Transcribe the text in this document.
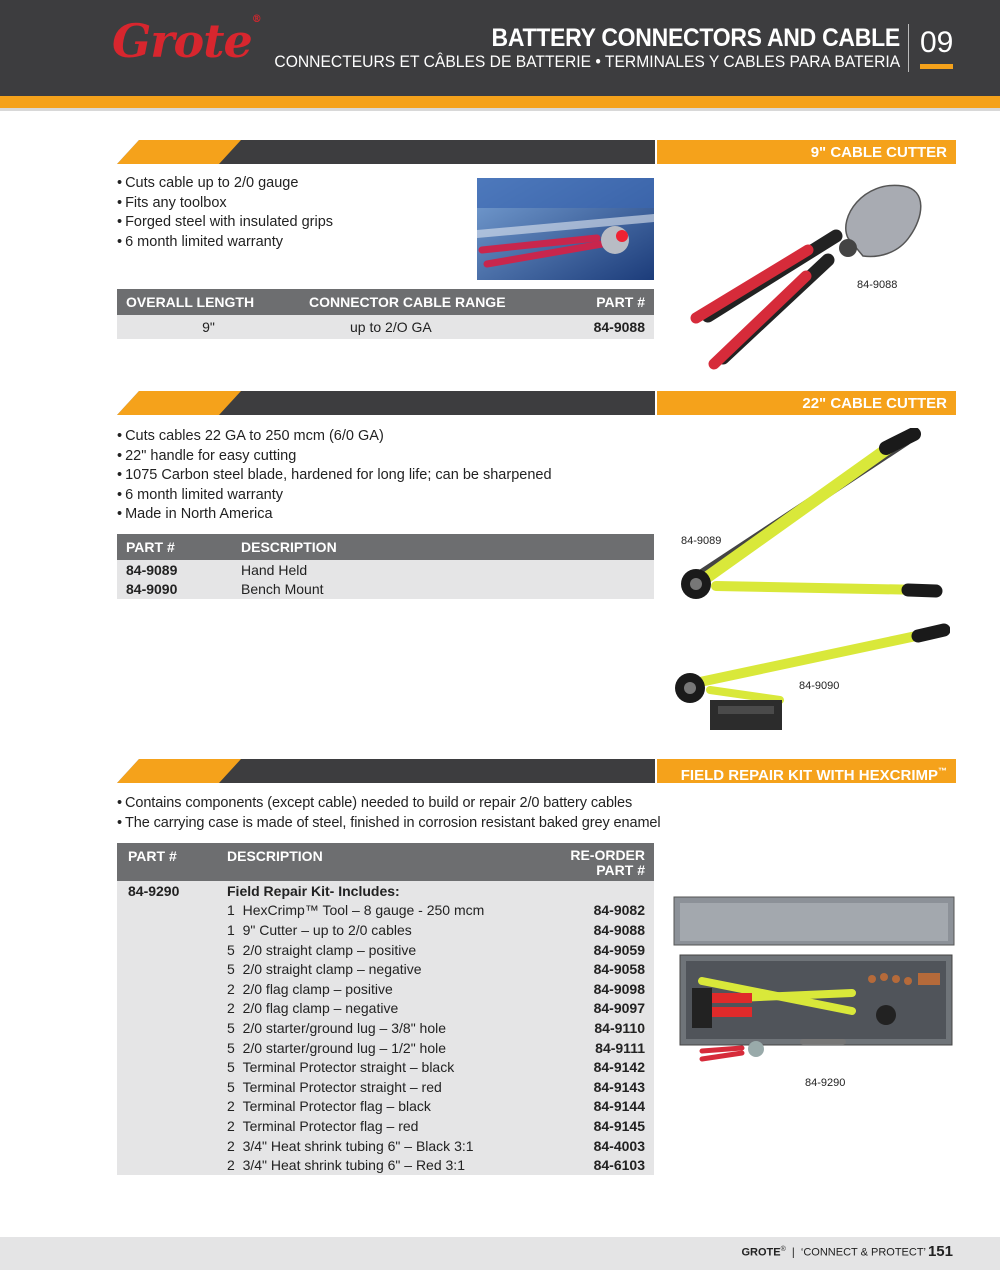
Grote®
BATTERY CONNECTORS AND CABLE
CONNECTEURS ET CÂBLES DE BATTERIE • TERMINALES Y CABLES PARA BATERIA
09
9" CABLE CUTTER
• Cuts cable up to 2/0 gauge
• Fits any toolbox
• Forged steel with insulated grips
• 6 month limited warranty
OVERALL LENGTH	CONNECTOR CABLE RANGE	PART #
9"	up to 2/O GA	84-9088
84-9088
22" CABLE CUTTER
• Cuts cables 22 GA to 250 mcm (6/0 GA)
• 22" handle for easy cutting
• 1075 Carbon steel blade, hardened for long life; can be sharpened
• 6 month limited warranty
• Made in North America
PART #	DESCRIPTION
84-9089	Hand Held
84-9090	Bench Mount
84-9089
84-9090
FIELD REPAIR KIT WITH HEXCRIMP™
• Contains components (except cable) needed to build or repair 2/0 battery cables
• The carrying case is made of steel, finished in corrosion resistant baked grey enamel
PART #	DESCRIPTION	RE-ORDER
PART #
84-9290	Field Repair Kit- Includes:	
	1 HexCrimp™ Tool – 8 gauge - 250 mcm	84-9082
	1 9" Cutter – up to 2/0 cables	84-9088
	5 2/0 straight clamp – positive	84-9059
	5 2/0 straight clamp – negative	84-9058
	2 2/0 flag clamp – positive	84-9098
	2 2/0 flag clamp – negative	84-9097
	5 2/0 starter/ground lug – 3/8" hole	84-9110
	5 2/0 starter/ground lug – 1/2" hole	84-9111
	5 Terminal Protector straight – black	84-9142
	5 Terminal Protector straight – red	84-9143
	2 Terminal Protector flag – black	84-9144
	2 Terminal Protector flag – red	84-9145
	2 3/4" Heat shrink tubing 6" – Black 3:1	84-4003
	2 3/4" Heat shrink tubing 6" – Red 3:1	84-6103
84-9290
GROTE® | ‘CONNECT & PROTECT’ 151
